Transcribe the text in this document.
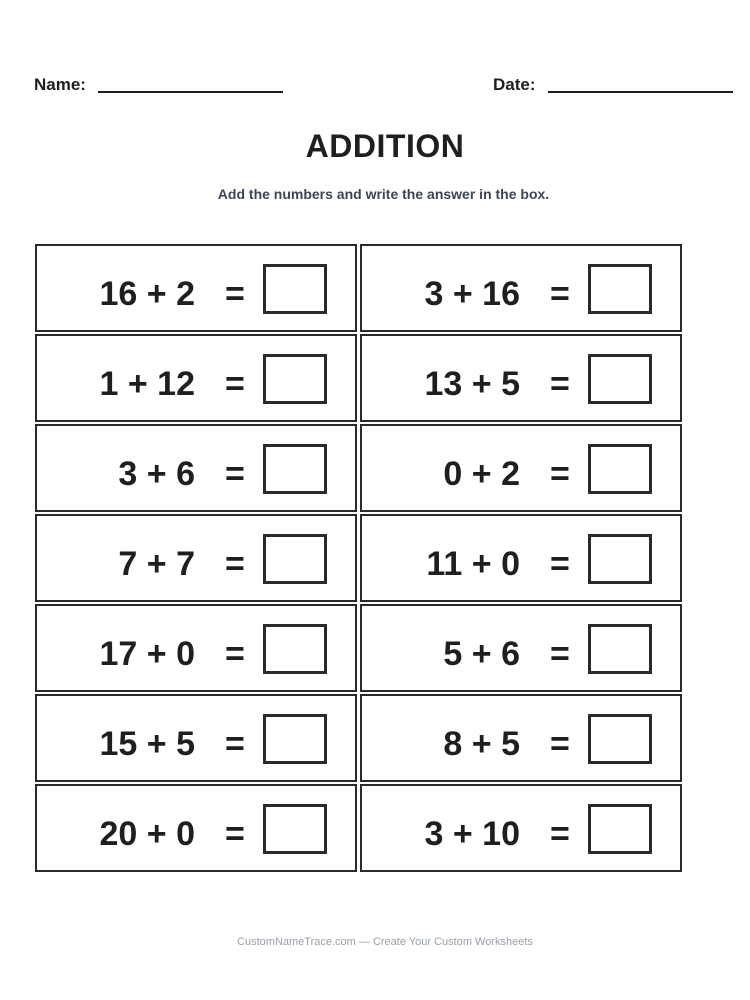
Name:	Date:
ADDITION
Add the numbers and write the answer in the box.
16 + 2 =	3 + 16 =
1 + 12 =	13 + 5 =
3 + 6 =	0 + 2 =
7 + 7 =	11 + 0 =
17 + 0 =	5 + 6 =
15 + 5 =	8 + 5 =
20 + 0 =	3 + 10 =
CustomNameTrace.com — Create Your Custom Worksheets
